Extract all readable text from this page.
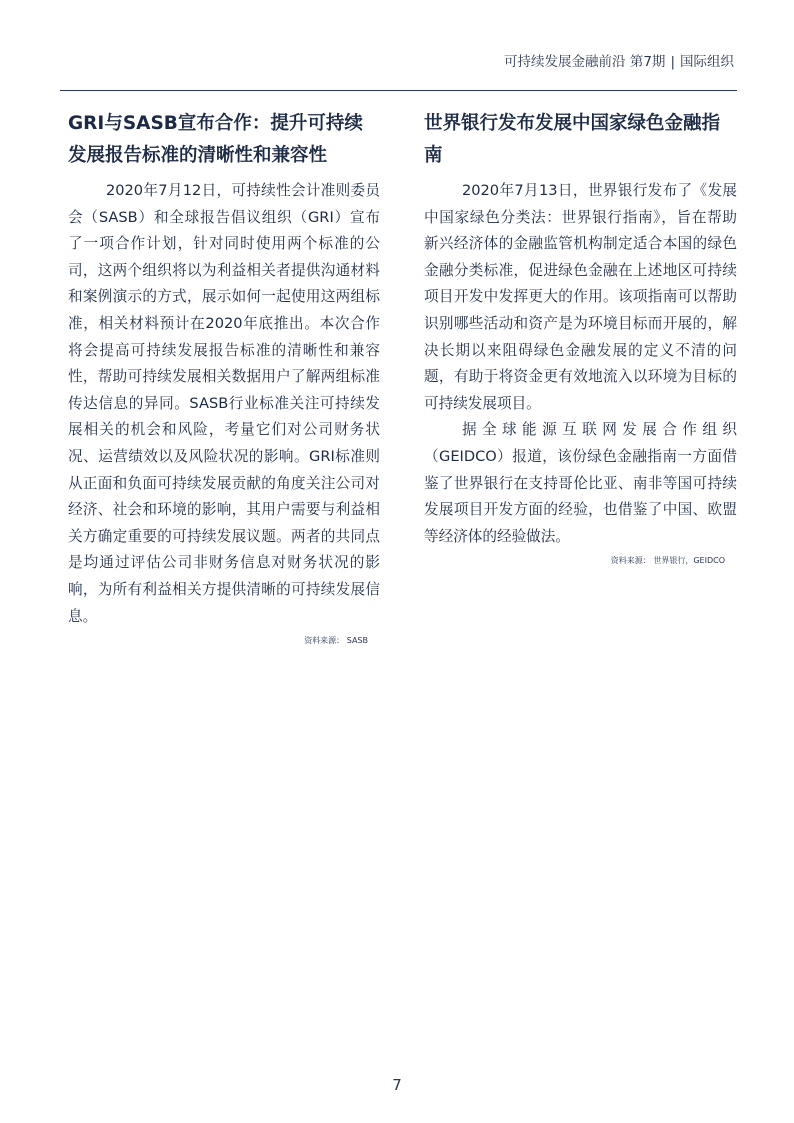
可持续发展金融前沿 第7期 | 国际组织
GRI与SASB宣布合作：提升可持续发展报告标准的清晰性和兼容性

2020年7月12日，可持续性会计准则委员会（SASB）和全球报告倡议组织（GRI）宣布了一项合作计划，针对同时使用两个标准的公司，这两个组织将以为利益相关者提供沟通材料和案例演示的方式，展示如何一起使用这两组标准，相关材料预计在2020年底推出。本次合作将会提高可持续发展报告标准的清晰性和兼容性，帮助可持续发展相关数据用户了解两组标准传达信息的异同。SASB行业标准关注可持续发展相关的机会和风险，考量它们对公司财务状况、运营绩效以及风险状况的影响。GRI标准则从正面和负面可持续发展贡献的角度关注公司对经济、社会和环境的影响，其用户需要与利益相关方确定重要的可持续发展议题。两者的共同点是均通过评估公司非财务信息对财务状况的影响，为所有利益相关方提供清晰的可持续发展信息。

资料来源： SASB
世界银行发布发展中国家绿色金融指南

2020年7月13日，世界银行发布了《发展中国家绿色分类法：世界银行指南》，旨在帮助新兴经济体的金融监管机构制定适合本国的绿色金融分类标准，促进绿色金融在上述地区可持续项目开发中发挥更大的作用。该项指南可以帮助识别哪些活动和资产是为环境目标而开展的，解决长期以来阻碍绿色金融发展的定义不清的问题，有助于将资金更有效地流入以环境为目标的可持续发展项目。

据全球能源互联网发展合作组织（GEIDCO）报道，该份绿色金融指南一方面借鉴了世界银行在支持哥伦比亚、南非等国可持续发展项目开发方面的经验，也借鉴了中国、欧盟等经济体的经验做法。

资料来源： 世界银行，GEIDCO
7
